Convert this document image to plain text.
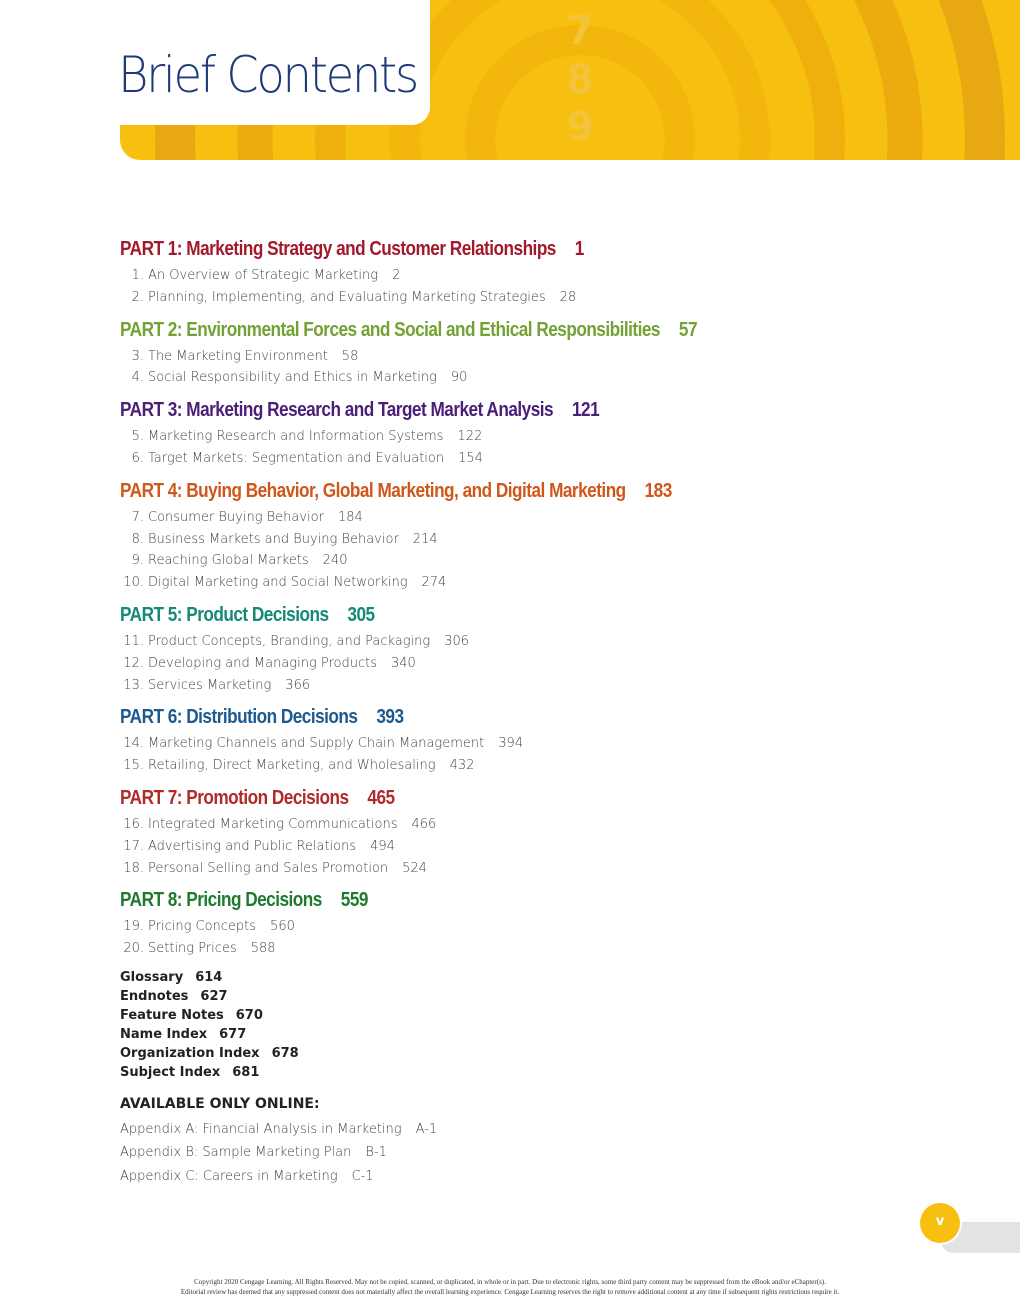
7
8
9
Brief Contents
PART 1: Marketing Strategy and Customer Relationships 1
1. An Overview of Strategic Marketing 2
2. Planning, Implementing, and Evaluating Marketing Strategies 28
PART 2: Environmental Forces and Social and Ethical Responsibilities 57
3. The Marketing Environment 58
4. Social Responsibility and Ethics in Marketing 90
PART 3: Marketing Research and Target Market Analysis 121
5. Marketing Research and Information Systems 122
6. Target Markets: Segmentation and Evaluation 154
PART 4: Buying Behavior, Global Marketing, and Digital Marketing 183
7. Consumer Buying Behavior 184
8. Business Markets and Buying Behavior 214
9. Reaching Global Markets 240
10. Digital Marketing and Social Networking 274
PART 5: Product Decisions 305
11. Product Concepts, Branding, and Packaging 306
12. Developing and Managing Products 340
13. Services Marketing 366
PART 6: Distribution Decisions 393
14. Marketing Channels and Supply Chain Management 394
15. Retailing, Direct Marketing, and Wholesaling 432
PART 7: Promotion Decisions 465
16. Integrated Marketing Communications 466
17. Advertising and Public Relations 494
18. Personal Selling and Sales Promotion 524
PART 8: Pricing Decisions 559
19. Pricing Concepts 560
20. Setting Prices 588
Glossary 614
Endnotes 627
Feature Notes 670
Name Index 677
Organization Index 678
Subject Index 681
AVAILABLE ONLY ONLINE:
Appendix A: Financial Analysis in Marketing A-1
Appendix B: Sample Marketing Plan B-1
Appendix C: Careers in Marketing C-1
v
Copyright 2020 Cengage Learning. All Rights Reserved. May not be copied, scanned, or duplicated, in whole or in part. Due to electronic rights, some third party content may be suppressed from the eBook and/or eChapter(s).
Editorial review has deemed that any suppressed content does not materially affect the overall learning experience. Cengage Learning reserves the right to remove additional content at any time if subsequent rights restrictions require it.
